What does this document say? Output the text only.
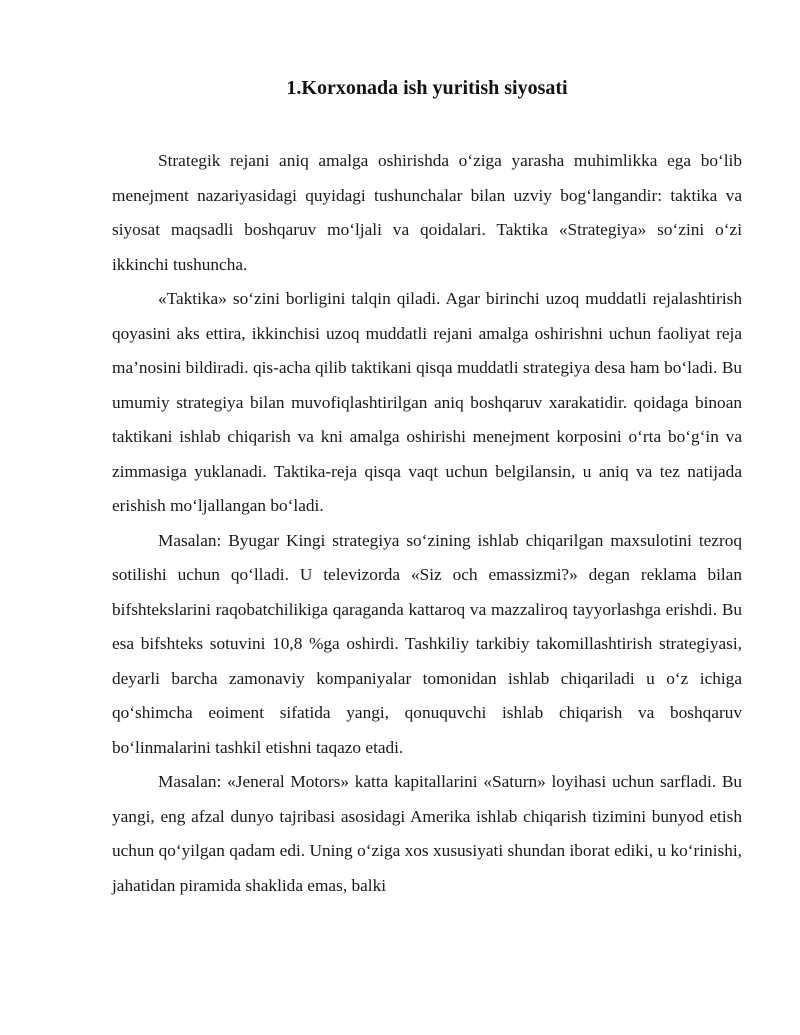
1.Korxonada ish yuritish siyosati

Strategik rejani aniq amalga oshirishda o‘ziga yarasha muhimlikka ega bo‘lib menejment nazariyasidagi quyidagi tushunchalar bilan uzviy bog‘langandir: taktika va siyosat maqsadli boshqaruv mo‘ljali va qoidalari. Taktika «Strategiya» so‘zini o‘zi ikkinchi tushuncha.

«Taktika» so‘zini borligini talqin qiladi. Agar birinchi uzoq muddatli rejalashtirish qoyasini aks ettira, ikkinchisi uzoq muddatli rejani amalga oshirishni uchun faoliyat reja ma’nosini bildiradi. qis-acha qilib taktikani qisqa muddatli strategiya desa ham bo‘ladi. Bu umumiy strategiya bilan muvofiqlashtirilgan aniq boshqaruv xarakatidir. qoidaga binoan taktikani ishlab chiqarish va kni amalga oshirishi menejment korposini o‘rta bo‘g‘in va zimmasiga yuklanadi. Taktika-reja qisqa vaqt uchun belgilansin, u aniq va tez natijada erishish mo‘ljallangan bo‘ladi.

Masalan: Byugar Kingi strategiya so‘zining ishlab chiqarilgan maxsulotini tezroq sotilishi uchun qo‘lladi. U televizorda «Siz och emassizmi?» degan reklama bilan bifshtekslarini raqobatchilikiga qaraganda kattaroq va mazzaliroq tayyorlashga erishdi. Bu esa bifshteks sotuvini 10,8 %ga oshirdi. Tashkiliy tarkibiy takomillashtirish strategiyasi, deyarli barcha zamonaviy kompaniyalar tomonidan ishlab chiqariladi u o‘z ichiga qo‘shimcha eoiment sifatida yangi, qonuquvchi ishlab chiqarish va boshqaruv bo‘linmalarini tashkil etishni taqazo etadi.

Masalan: «Jeneral Motors» katta kapitallarini «Saturn» loyihasi uchun sarfladi. Bu yangi, eng afzal dunyo tajribasi asosidagi Amerika ishlab chiqarish tizimini bunyod etish uchun qo‘yilgan qadam edi. Uning o‘ziga xos xususiyati shundan iborat ediki, u ko‘rinishi, jahatidan piramida shaklida emas, balki
